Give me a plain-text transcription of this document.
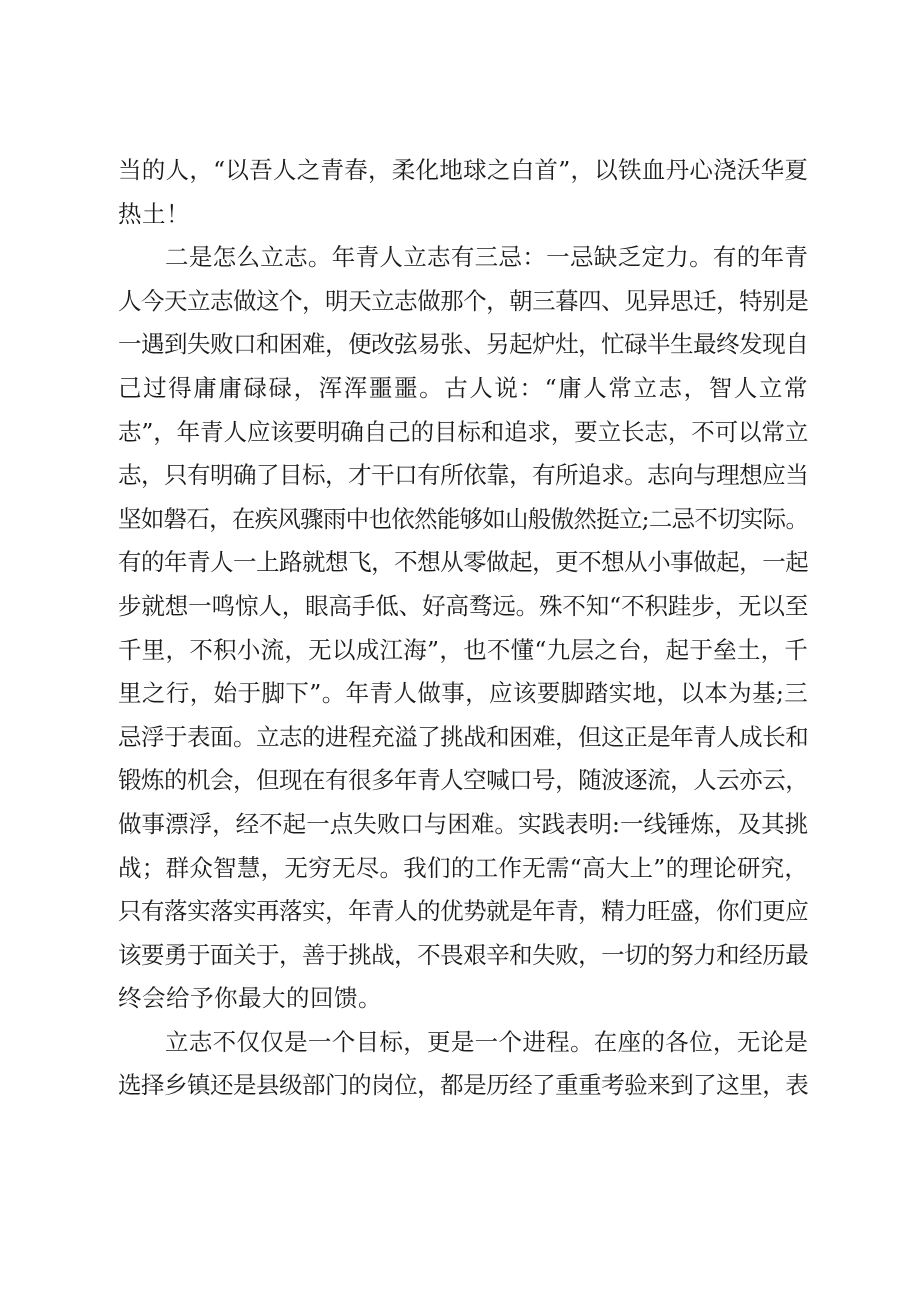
当的人，“以吾人之青春，柔化地球之白首”，以铁血丹心浇沃华夏
热土！

二是怎么立志。年青人立志有三忌：一忌缺乏定力。有的年青
人今天立志做这个，明天立志做那个，朝三暮四、见异思迁，特别是
一遇到失败口和困难，便改弦易张、另起炉灶，忙碌半生最终发现自
己过得庸庸碌碌，浑浑噩噩。古人说：“庸人常立志，智人立常
志”，年青人应该要明确自己的目标和追求，要立长志，不可以常立
志，只有明确了目标，才干口有所依靠，有所追求。志向与理想应当
坚如磐石，在疾风骤雨中也依然能够如山般傲然挺立;二忌不切实际。
有的年青人一上路就想飞，不想从零做起，更不想从小事做起，一起
步就想一鸣惊人，眼高手低、好高骛远。殊不知“不积跬步，无以至
千里，不积小流，无以成江海”，也不懂“九层之台，起于垒土，千
里之行，始于脚下”。年青人做事，应该要脚踏实地，以本为基;三
忌浮于表面。立志的进程充溢了挑战和困难，但这正是年青人成长和
锻炼的机会，但现在有很多年青人空喊口号，随波逐流，人云亦云，
做事漂浮，经不起一点失败口与困难。实践表明:一线锤炼，及其挑
战；群众智慧，无穷无尽。我们的工作无需“高大上”的理论研究，
只有落实落实再落实，年青人的优势就是年青，精力旺盛，你们更应
该要勇于面关于，善于挑战，不畏艰辛和失败，一切的努力和经历最
终会给予你最大的回馈。

立志不仅仅是一个目标，更是一个进程。在座的各位，无论是
选择乡镇还是县级部门的岗位，都是历经了重重考验来到了这里，表
